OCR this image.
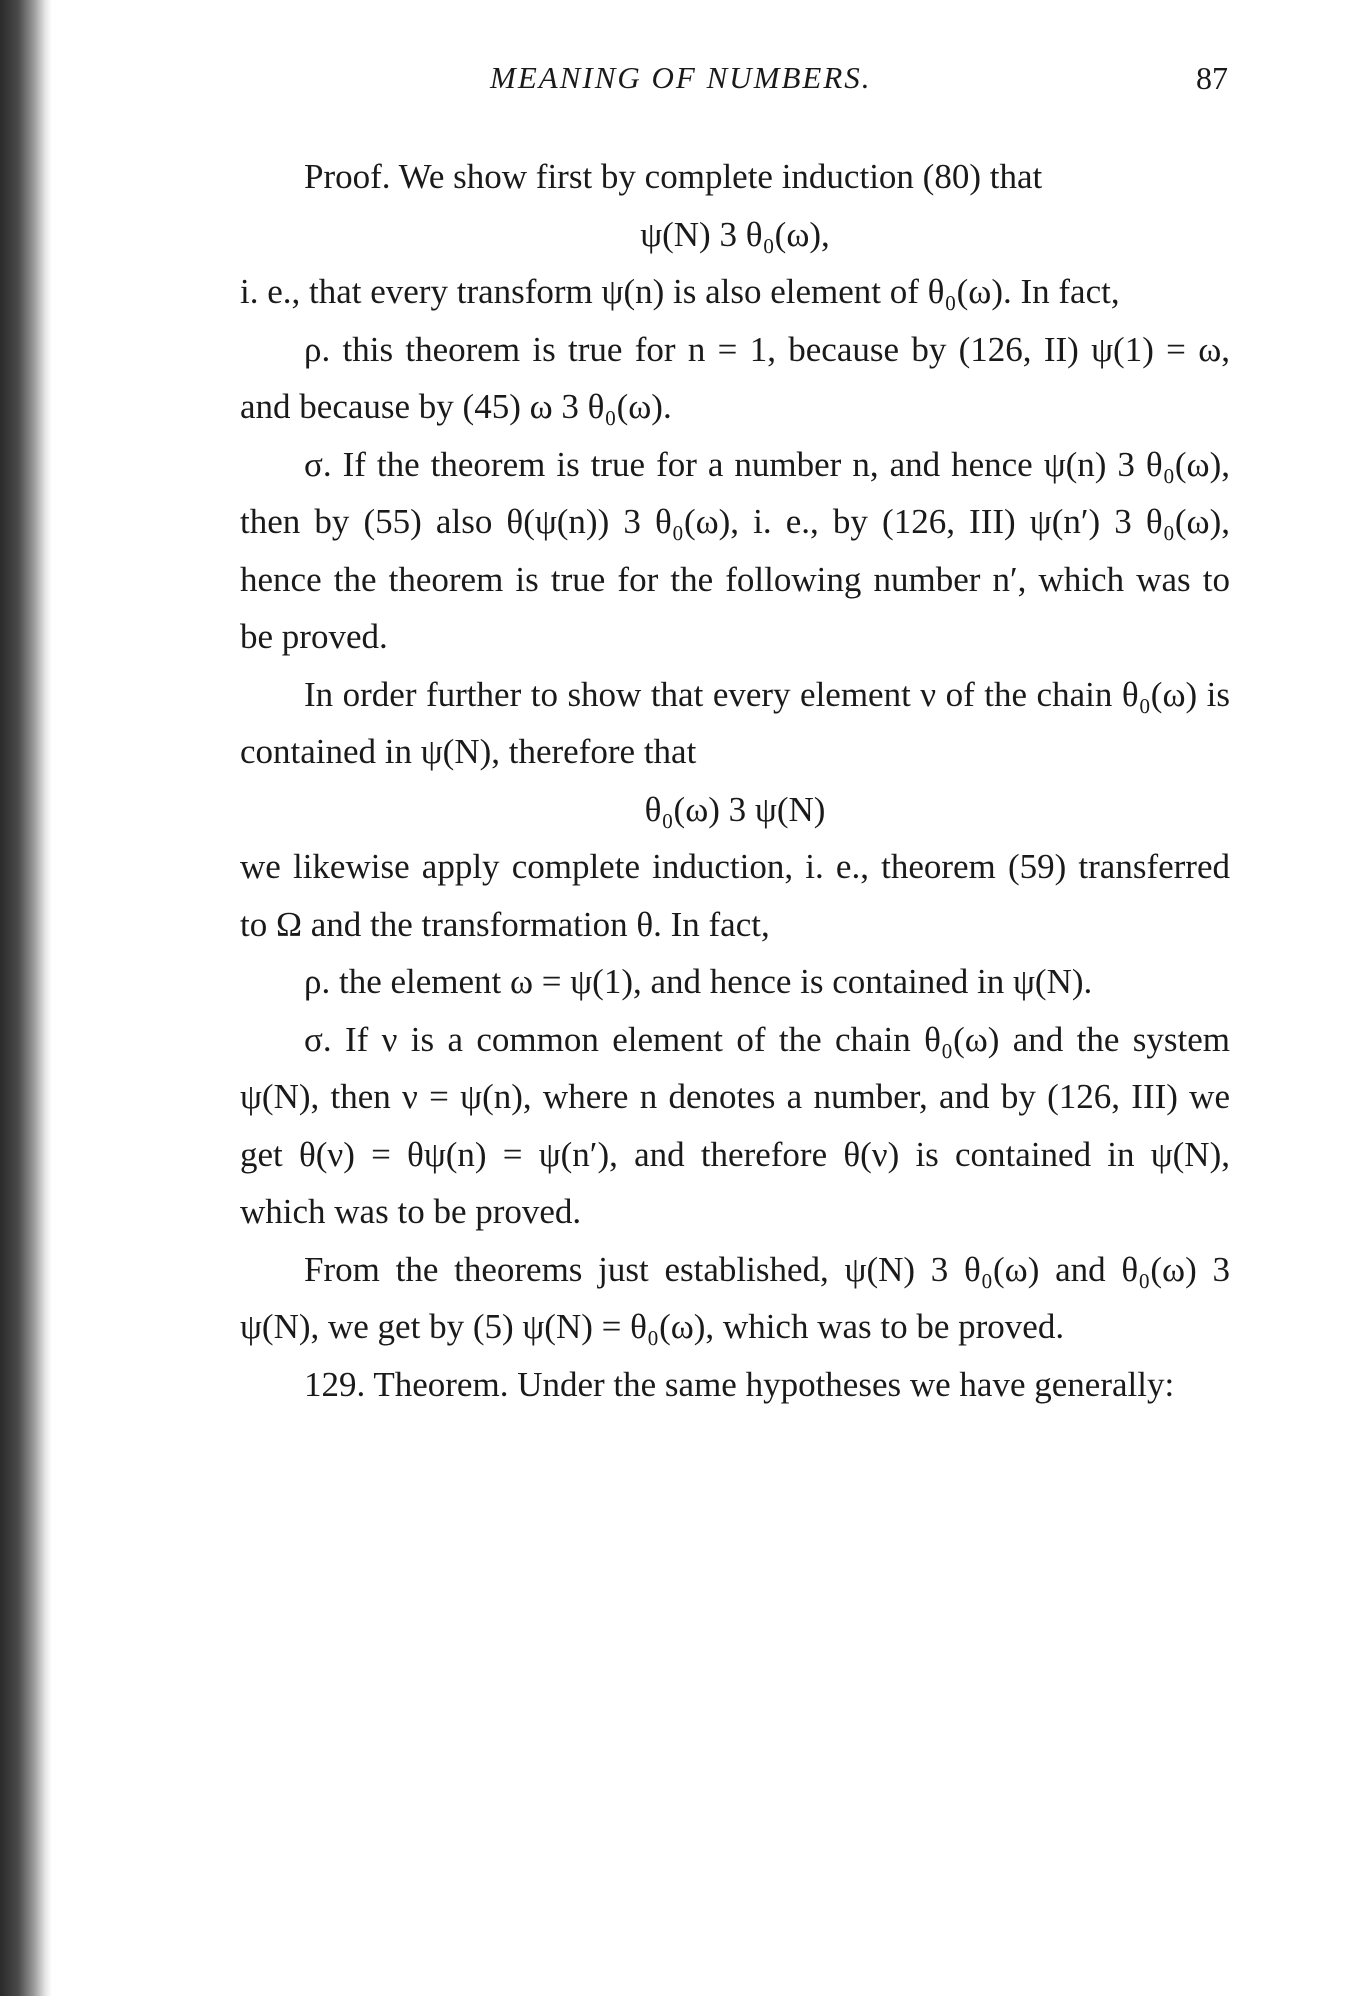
MEANING OF NUMBERS.	87

Proof. We show first by complete induction (80) that

ψ(N) 3 θ₀(ω),

i. e., that every transform ψ(n) is also element of θ₀(ω). In fact,

ρ. this theorem is true for n = 1, because by (126, II) ψ(1) = ω, and because by (45) ω 3 θ₀(ω).

σ. If the theorem is true for a number n, and hence ψ(n) 3 θ₀(ω), then by (55) also θ(ψ(n)) 3 θ₀(ω), i. e., by (126, III) ψ(n′) 3 θ₀(ω), hence the theorem is true for the following number n′, which was to be proved.

In order further to show that every element ν of the chain θ₀(ω) is contained in ψ(N), therefore that

θ₀(ω) 3 ψ(N)

we likewise apply complete induction, i. e., theorem (59) transferred to Ω and the transformation θ. In fact,

ρ. the element ω = ψ(1), and hence is contained in ψ(N).

σ. If ν is a common element of the chain θ₀(ω) and the system ψ(N), then ν = ψ(n), where n denotes a number, and by (126, III) we get θ(ν) = θψ(n) = ψ(n′), and therefore θ(ν) is contained in ψ(N), which was to be proved.

From the theorems just established, ψ(N) 3 θ₀(ω) and θ₀(ω) 3 ψ(N), we get by (5) ψ(N) = θ₀(ω), which was to be proved.

129. Theorem. Under the same hypotheses we have generally:
